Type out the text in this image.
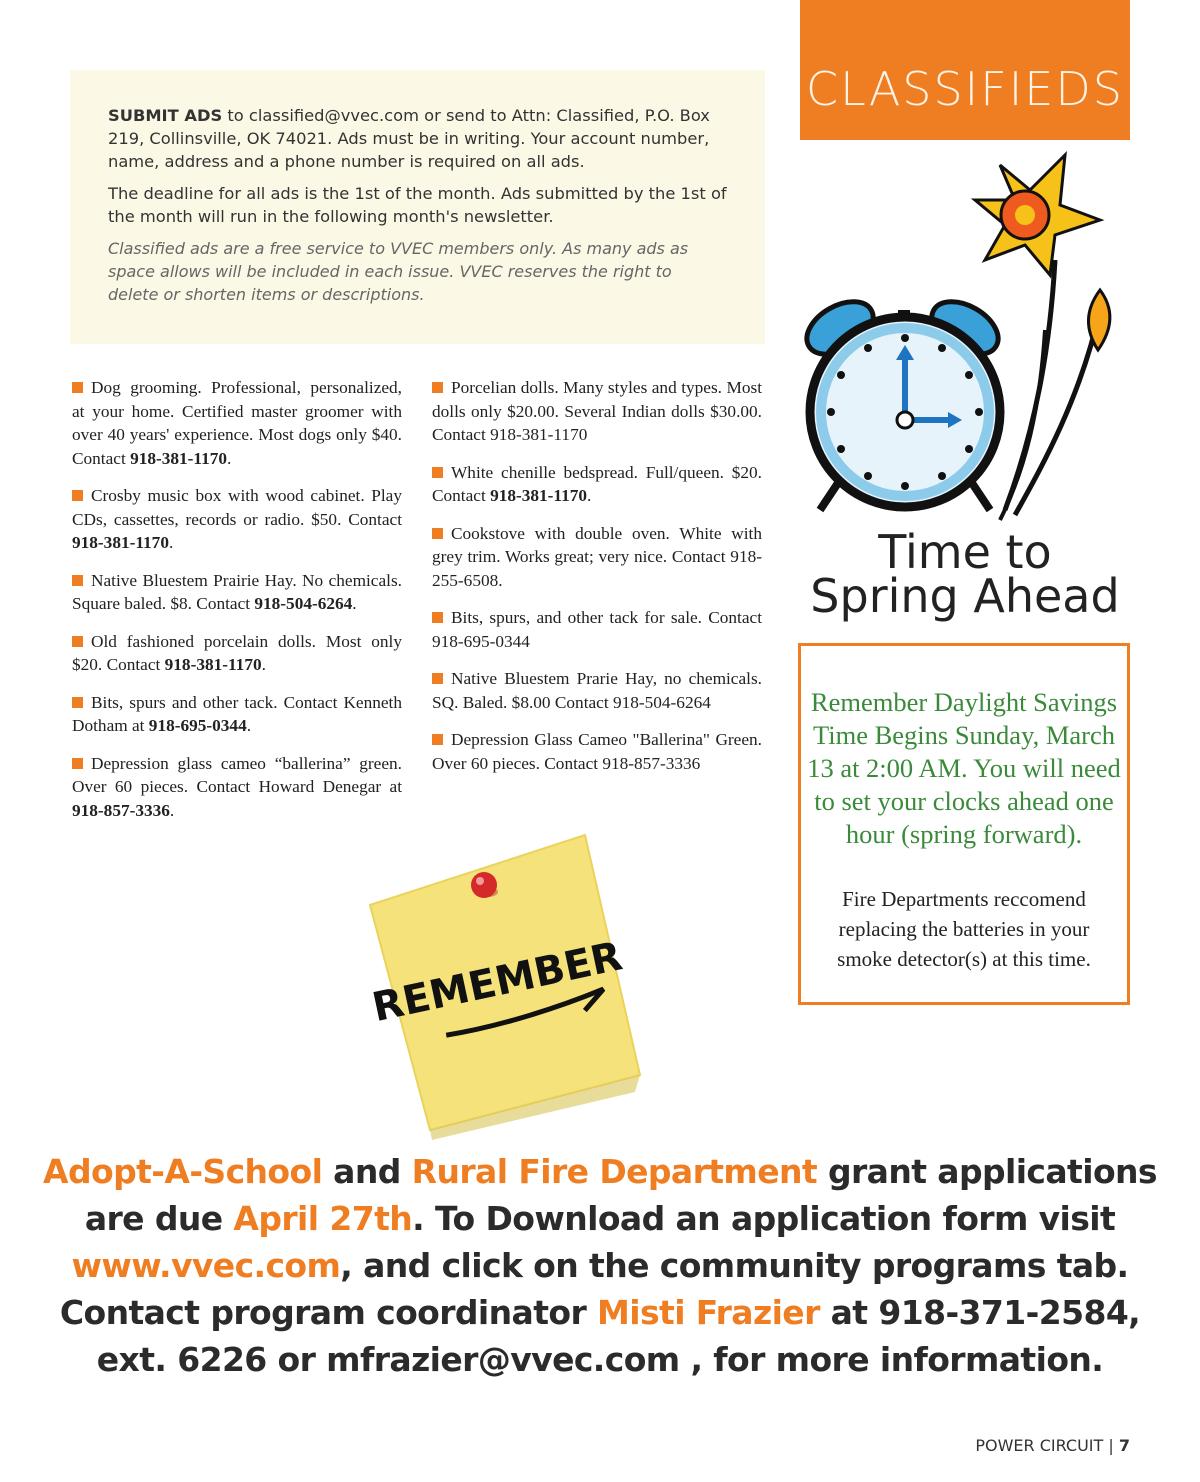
CLASSIFIEDS

SUBMIT ADS to classified@vvec.com or send to Attn: Classified, P.O. Box 219, Collinsville, OK 74021. Ads must be in writing. Your account number, name, address and a phone number is required on all ads.

The deadline for all ads is the 1st of the month. Ads submitted by the 1st of the month will run in the following month's newsletter.

Classified ads are a free service to VVEC members only. As many ads as space allows will be included in each issue. VVEC reserves the right to delete or shorten items or descriptions.

Dog grooming. Professional, personalized, at your home. Certified master groomer with over 40 years' experience. Most dogs only $40. Contact 918-381-1170.
Crosby music box with wood cabinet. Play CDs, cassettes, records or radio. $50. Contact 918-381-1170.
Native Bluestem Prairie Hay. No chemicals. Square baled. $8. Contact 918-504-6264.
Old fashioned porcelain dolls. Most only $20. Contact 918-381-1170.
Bits, spurs and other tack. Contact Kenneth Dotham at 918-695-0344.
Depression glass cameo “ballerina” green. Over 60 pieces. Contact Howard Denegar at 918-857-3336.
Porcelian dolls. Many styles and types. Most dolls only $20.00. Several Indian dolls $30.00. Contact 918-381-1170
White chenille bedspread. Full/queen. $20. Contact 918-381-1170.
Cookstove with double oven. White with grey trim. Works great; very nice. Contact 918-255-6508.
Bits, spurs, and other tack for sale. Contact 918-695-0344
Native Bluestem Prarie Hay, no chemicals. SQ. Baled. $8.00 Contact 918-504-6264
Depression Glass Cameo "Ballerina" Green. Over 60 pieces. Contact 918-857-3336
Time to
Spring Ahead
Remember Daylight Savings Time Begins Sunday, March 13 at 2:00 AM. You will need to set your clocks ahead one hour (spring forward).
Fire Departments reccomend replacing the batteries in your smoke detector(s) at this time.
REMEMBER
Adopt-A-School and Rural Fire Department grant applications are due April 27th. To Download an application form visit www.vvec.com, and click on the community programs tab. Contact program coordinator Misti Frazier at 918-371-2584, ext. 6226 or mfrazier@vvec.com , for more information.
POWER CIRCUIT | 7
